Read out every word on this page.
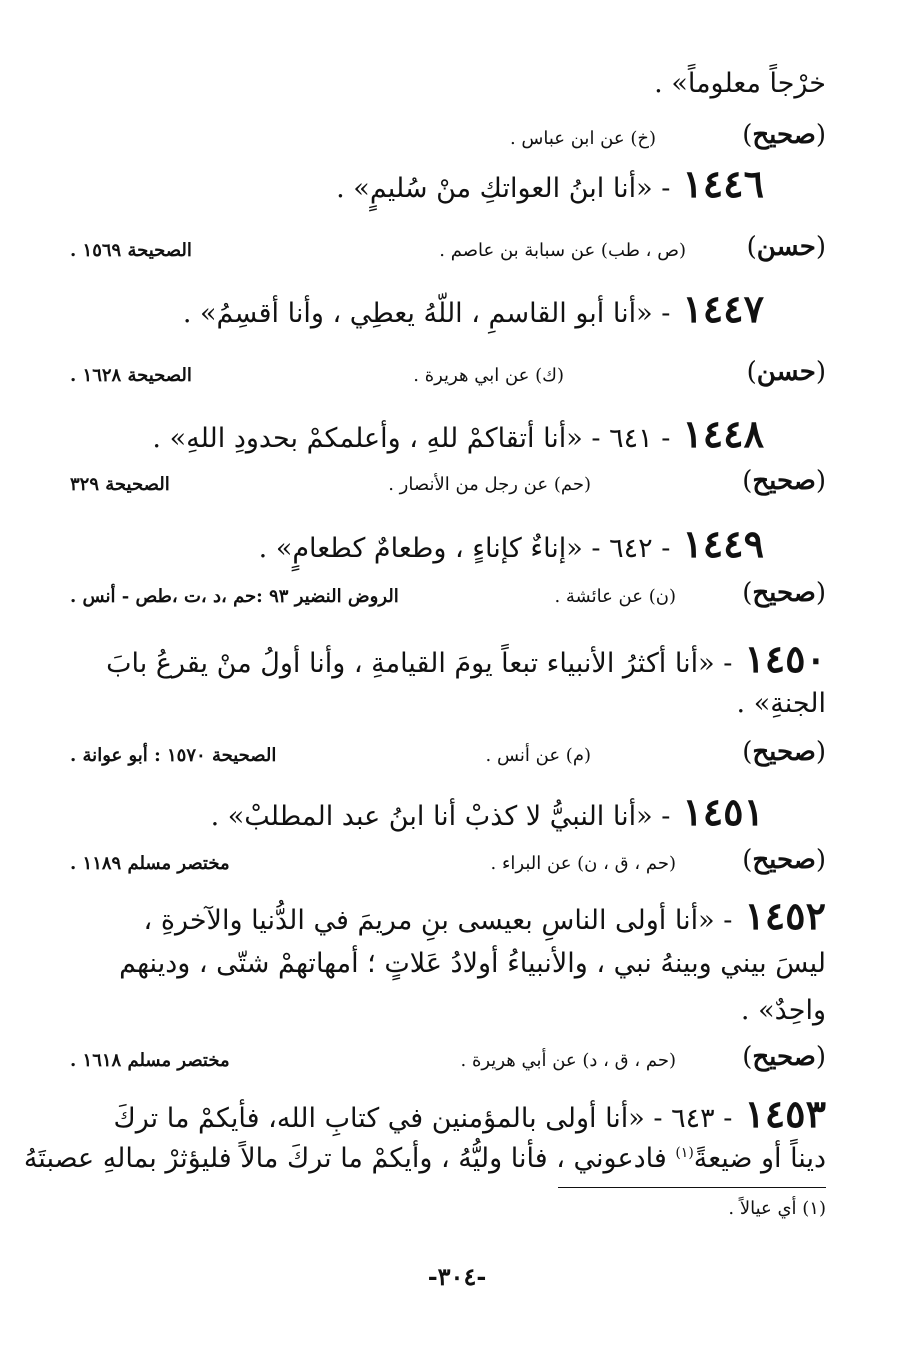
خرْجاً معلوماً» .
(صحيح)
(خ) عن ابن عباس .
١٤٤٦- «أنا ابنُ العواتكِ منْ سُليمٍ» .
(حسن)
(ص ، طب) عن سبابة بن عاصم .
الصحيحة ١٥٦٩ .
١٤٤٧- «أنا أبو القاسمِ ، اللّهُ يعطِي ، وأنا أقسِمُ» .
(حسن)
(ك) عن ابي هريرة .
الصحيحة ١٦٢٨ .
١٤٤٨- ٦٤١ - «أنا أتقاكمْ للهِ ، وأعلمكمْ بحدودِ اللهِ» .
(صحيح)
(حم) عن رجل من الأنصار .
الصحيحة ٣٢٩
١٤٤٩- ٦٤٢ - «إناءٌ كإناءٍ ، وطعامٌ كطعامٍ» .
(صحيح)
(ن) عن عائشة .
الروض النضير ٩٣ :حم ،د ،ت ،طص - أنس .
١٤٥٠- «أنا أكثرُ الأنبياء تبعاً يومَ القيامةِ ، وأنا أولُ منْ يقرعُ بابَ
الجنةِ» .
(صحيح)
(م) عن أنس .
الصحيحة ١٥٧٠ : أبو عوانة .
١٤٥١- «أنا النبيُّ لا كذبْ أنا ابنُ عبد المطلبْ» .
(صحيح)
(حم ، ق ، ن) عن البراء .
مختصر مسلم ١١٨٩ .
١٤٥٢- «أنا أولى الناسِ بعيسى بنِ مريمَ في الدُّنيا والآخرةِ ،
ليسَ بيني وبينهُ نبي ، والأنبياءُ أولادُ عَلاتٍ ؛ أمهاتهمْ شتّى ، ودينهم
واحِدٌ» .
(صحيح)
(حم ، ق ، د) عن أبي هريرة .
مختصر مسلم ١٦١٨ .
١٤٥٣- ٦٤٣ - «أنا أولى بالمؤمنين في كتابِ الله، فأيكمْ ما تركَ
ديناً أو ضيعةً$^{(١)}$ فادعوني ، فأنا وليُّهُ ، وأيكمْ ما تركَ مالاً فليؤثرْ بمالهِ عصبتَهُ
(١) أي عيالاً .
-٣٠٤-
